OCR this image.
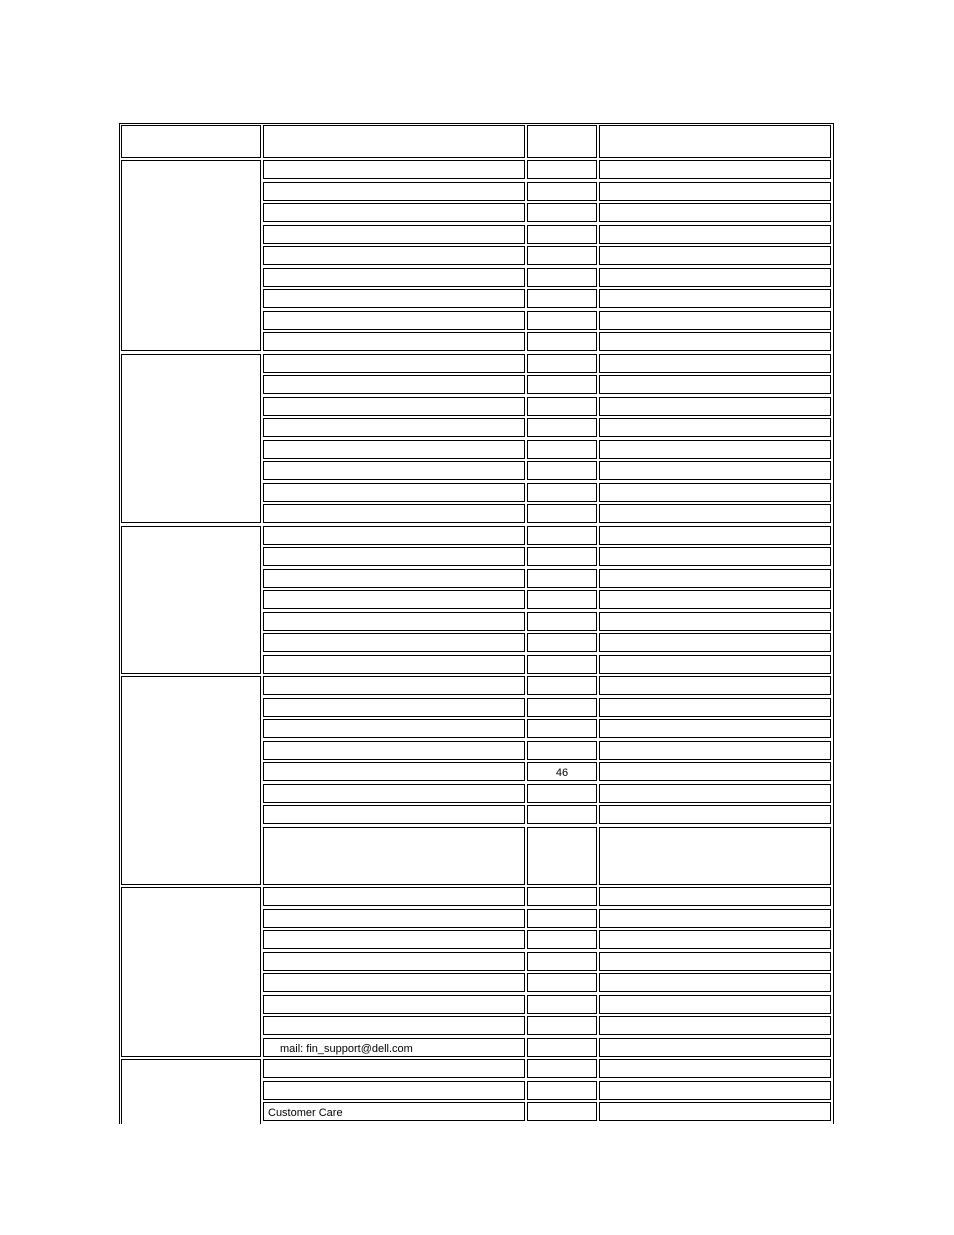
46
mail: fin_support@dell.com
Customer Care
